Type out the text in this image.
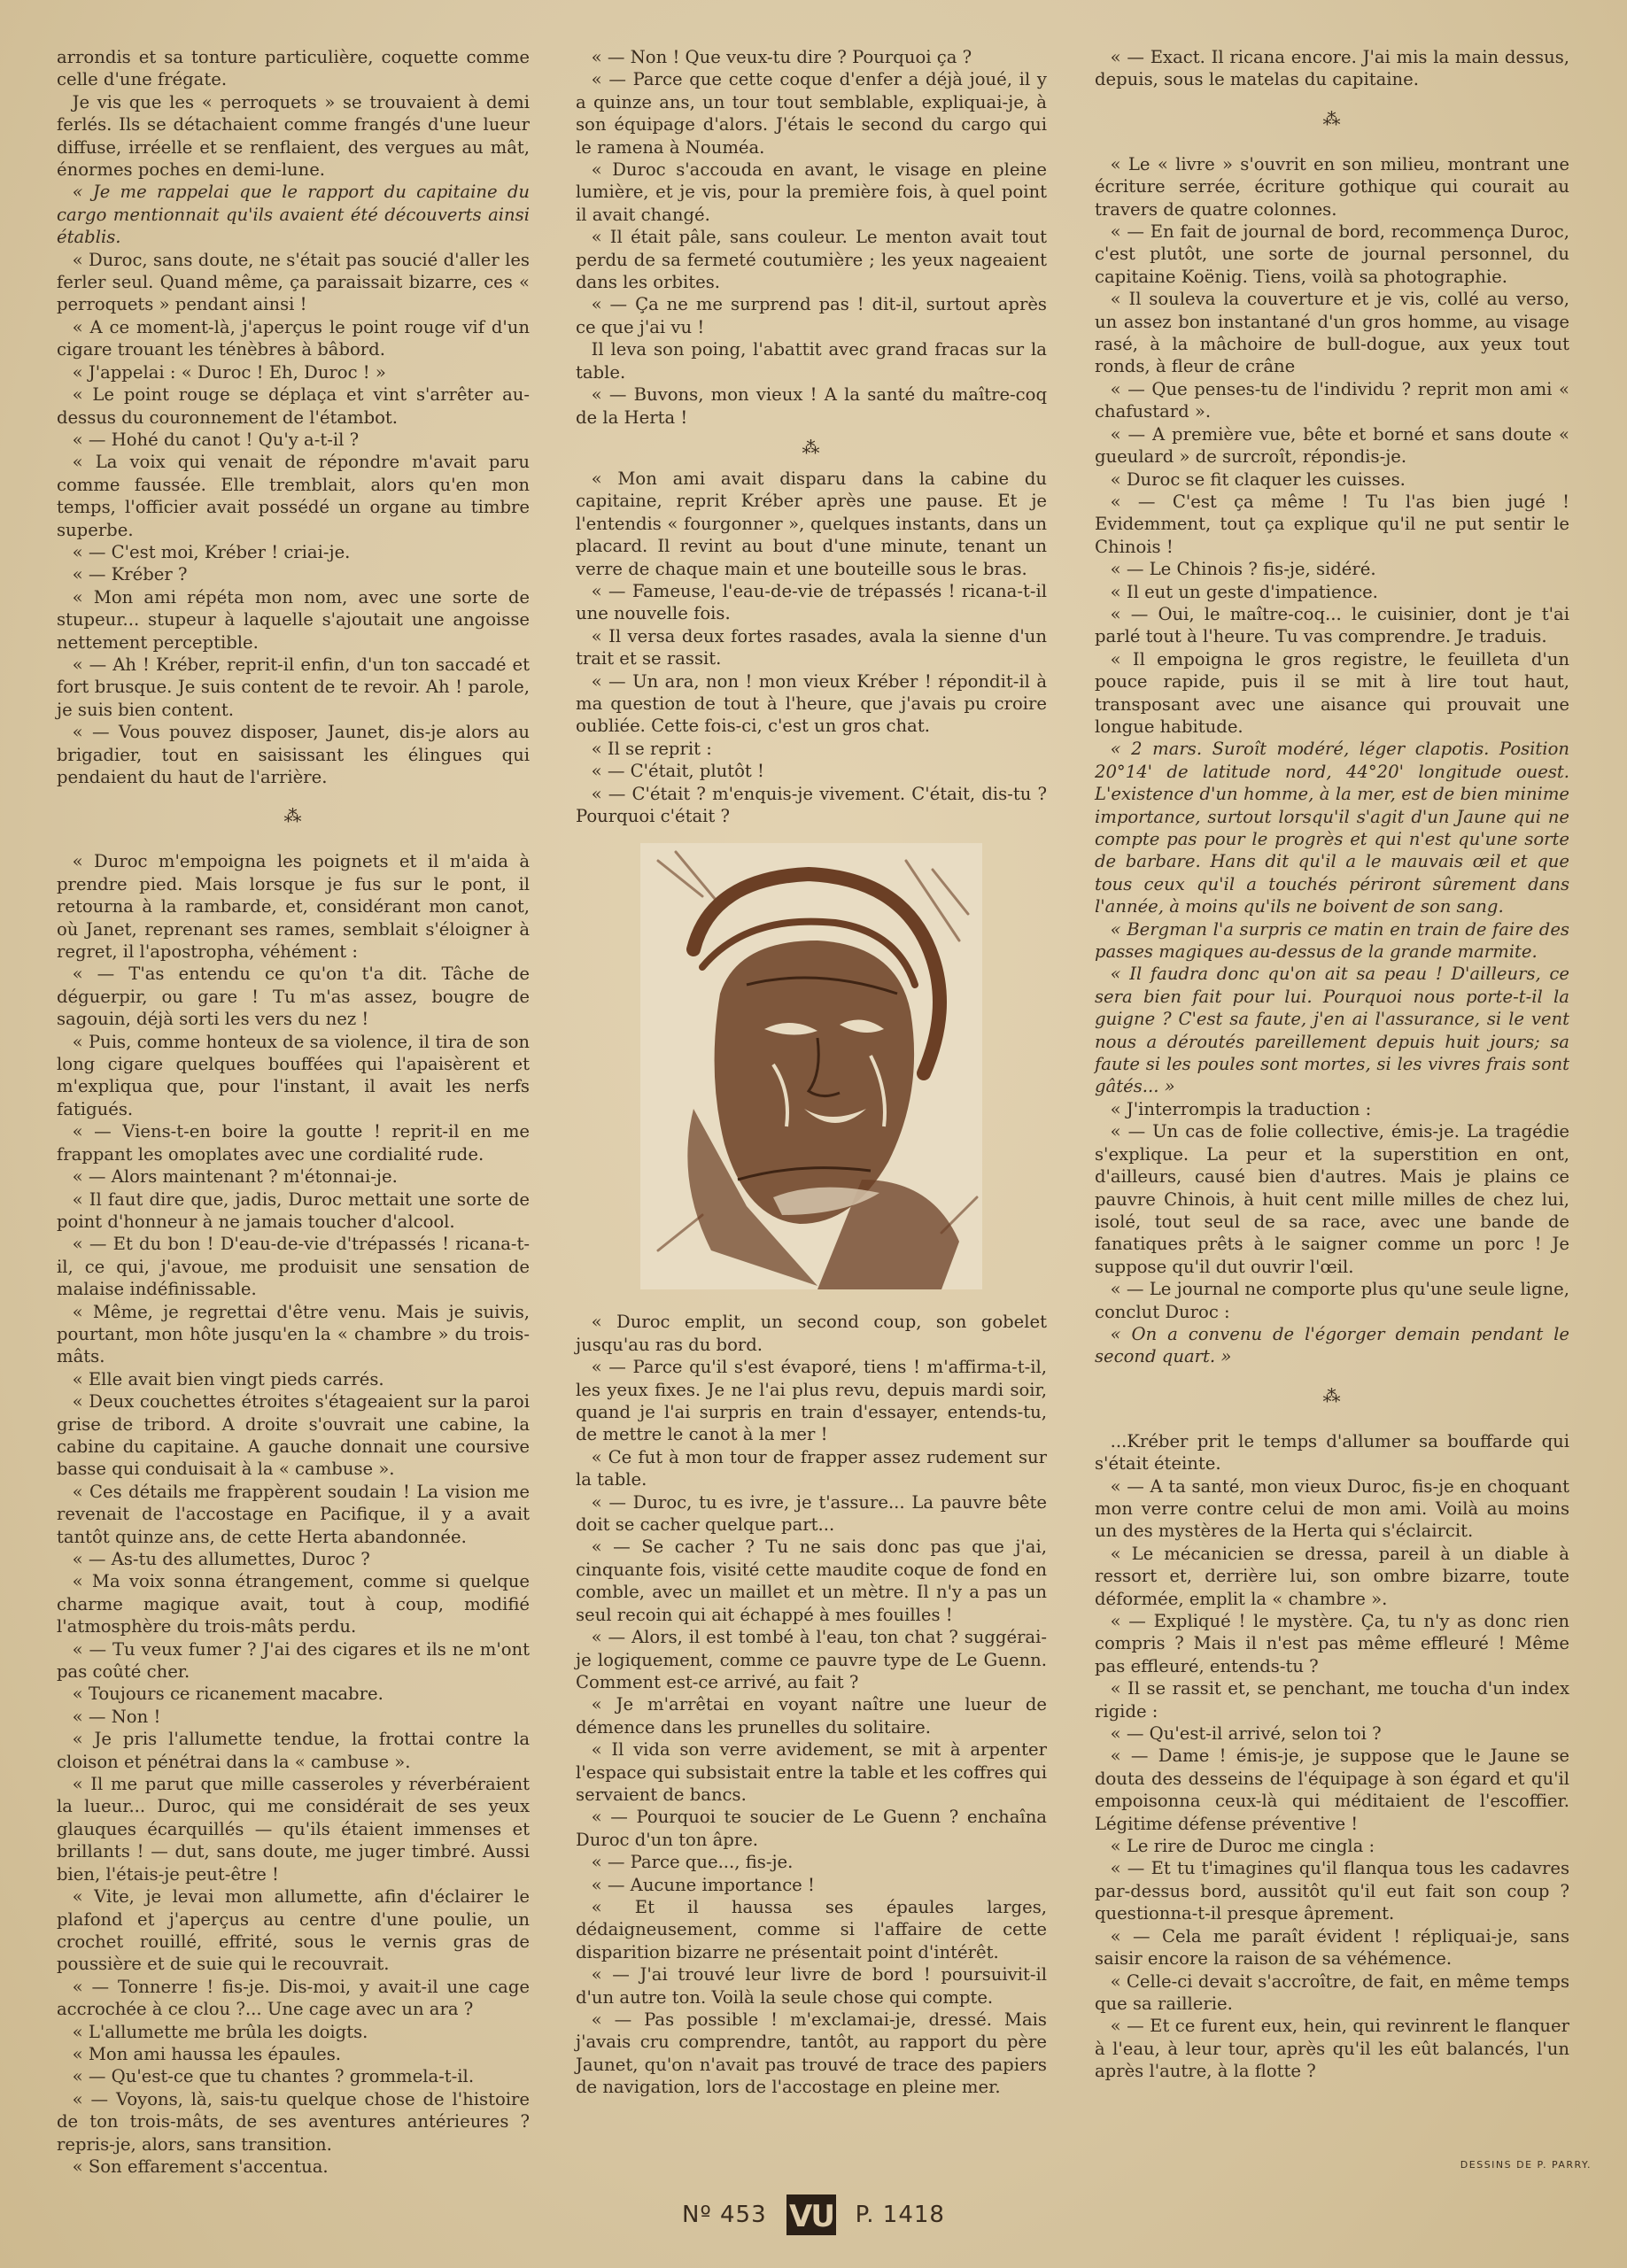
arrondis et sa tonture particulière, coquette comme celle d'une frégate.

Je vis que les « perroquets » se trouvaient à demi ferlés. Ils se détachaient comme frangés d'une lueur diffuse, irréelle et se renflaient, des vergues au mât, énormes poches en demi-lune.

« Je me rappelai que le rapport du capitaine du cargo mentionnait qu'ils avaient été découverts ainsi établis.

« Duroc, sans doute, ne s'était pas soucié d'aller les ferler seul. Quand même, ça paraissait bizarre, ces « perroquets » pendant ainsi !

« A ce moment-là, j'aperçus le point rouge vif d'un cigare trouant les ténèbres à bâbord.

« J'appelai : « Duroc ! Eh, Duroc ! »

« Le point rouge se déplaça et vint s'arrêter au-dessus du couronnement de l'étambot.

« — Hohé du canot ! Qu'y a-t-il ?

« La voix qui venait de répondre m'avait paru comme faussée. Elle tremblait, alors qu'en mon temps, l'officier avait possédé un organe au timbre superbe.

« — C'est moi, Kréber ! criai-je.

« — Kréber ?

« Mon ami répéta mon nom, avec une sorte de stupeur... stupeur à laquelle s'ajoutait une angoisse nettement perceptible.

« — Ah ! Kréber, reprit-il enfin, d'un ton saccadé et fort brusque. Je suis content de te revoir. Ah ! parole, je suis bien content.

« — Vous pouvez disposer, Jaunet, dis-je alors au brigadier, tout en saisissant les élingues qui pendaient du haut de l'arrière.

⁂

« Duroc m'empoigna les poignets et il m'aida à prendre pied. Mais lorsque je fus sur le pont, il retourna à la rambarde, et, considérant mon canot, où Janet, reprenant ses rames, semblait s'éloigner à regret, il l'apostropha, véhément :

« — T'as entendu ce qu'on t'a dit. Tâche de déguerpir, ou gare ! Tu m'as assez, bougre de sagouin, déjà sorti les vers du nez !

« Puis, comme honteux de sa violence, il tira de son long cigare quelques bouffées qui l'apaisèrent et m'expliqua que, pour l'instant, il avait les nerfs fatigués.

« — Viens-t-en boire la goutte ! reprit-il en me frappant les omoplates avec une cordialité rude.

« — Alors maintenant ? m'étonnai-je.

« Il faut dire que, jadis, Duroc mettait une sorte de point d'honneur à ne jamais toucher d'alcool.

« — Et du bon ! D'eau-de-vie d'trépassés ! ricana-t-il, ce qui, j'avoue, me produisit une sensation de malaise indéfinissable.

« Même, je regrettai d'être venu. Mais je suivis, pourtant, mon hôte jusqu'en la « chambre » du trois-mâts.

« Elle avait bien vingt pieds carrés.

« Deux couchettes étroites s'étageaient sur la paroi grise de tribord. A droite s'ouvrait une cabine, la cabine du capitaine. A gauche donnait une coursive basse qui conduisait à la « cambuse ».

« Ces détails me frappèrent soudain ! La vision me revenait de l'accostage en Pacifique, il y a avait tantôt quinze ans, de cette Herta abandonnée.

« — As-tu des allumettes, Duroc ?

« Ma voix sonna étrangement, comme si quelque charme magique avait, tout à coup, modifié l'atmosphère du trois-mâts perdu.

« — Tu veux fumer ? J'ai des cigares et ils ne m'ont pas coûté cher.

« Toujours ce ricanement macabre.

« — Non !

« Je pris l'allumette tendue, la frottai contre la cloison et pénétrai dans la « cambuse ».

« Il me parut que mille casseroles y réverbéraient la lueur... Duroc, qui me considérait de ses yeux glauques écarquillés — qu'ils étaient immenses et brillants ! — dut, sans doute, me juger timbré. Aussi bien, l'étais-je peut-être !

« Vite, je levai mon allumette, afin d'éclairer le plafond et j'aperçus au centre d'une poulie, un crochet rouillé, effrité, sous le vernis gras de poussière et de suie qui le recouvrait.

« — Tonnerre ! fis-je. Dis-moi, y avait-il une cage accrochée à ce clou ?... Une cage avec un ara ?

« L'allumette me brûla les doigts.

« Mon ami haussa les épaules.

« — Qu'est-ce que tu chantes ? grommela-t-il.

« — Voyons, là, sais-tu quelque chose de l'histoire de ton trois-mâts, de ses aventures antérieures ? repris-je, alors, sans transition.

« Son effarement s'accentua.

« — Non ! Que veux-tu dire ? Pourquoi ça ?

« — Parce que cette coque d'enfer a déjà joué, il y a quinze ans, un tour tout semblable, expliquai-je, à son équipage d'alors. J'étais le second du cargo qui le ramena à Nouméa.

« Duroc s'accouda en avant, le visage en pleine lumière, et je vis, pour la première fois, à quel point il avait changé.

« Il était pâle, sans couleur. Le menton avait tout perdu de sa fermeté coutumière ; les yeux nageaient dans les orbites.

« — Ça ne me surprend pas ! dit-il, surtout après ce que j'ai vu !

Il leva son poing, l'abattit avec grand fracas sur la table.

« — Buvons, mon vieux ! A la santé du maître-coq de la Herta !

⁂

« Mon ami avait disparu dans la cabine du capitaine, reprit Kréber après une pause. Et je l'entendis « fourgonner », quelques instants, dans un placard. Il revint au bout d'une minute, tenant un verre de chaque main et une bouteille sous le bras.

« — Fameuse, l'eau-de-vie de trépassés ! ricana-t-il une nouvelle fois.

« Il versa deux fortes rasades, avala la sienne d'un trait et se rassit.

« — Un ara, non ! mon vieux Kréber ! répondit-il à ma question de tout à l'heure, que j'avais pu croire oubliée. Cette fois-ci, c'est un gros chat.

« Il se reprit :

« — C'était, plutôt !

« — C'était ? m'enquis-je vivement. C'était, dis-tu ? Pourquoi c'était ?

« Duroc emplit, un second coup, son gobelet jusqu'au ras du bord.

« — Parce qu'il s'est évaporé, tiens ! m'affirma-t-il, les yeux fixes. Je ne l'ai plus revu, depuis mardi soir, quand je l'ai surpris en train d'essayer, entends-tu, de mettre le canot à la mer !

« Ce fut à mon tour de frapper assez rudement sur la table.

« — Duroc, tu es ivre, je t'assure... La pauvre bête doit se cacher quelque part...

« — Se cacher ? Tu ne sais donc pas que j'ai, cinquante fois, visité cette maudite coque de fond en comble, avec un maillet et un mètre. Il n'y a pas un seul recoin qui ait échappé à mes fouilles !

« — Alors, il est tombé à l'eau, ton chat ? suggérai-je logiquement, comme ce pauvre type de Le Guenn. Comment est-ce arrivé, au fait ?

« Je m'arrêtai en voyant naître une lueur de démence dans les prunelles du solitaire.

« Il vida son verre avidement, se mit à arpenter l'espace qui subsistait entre la table et les coffres qui servaient de bancs.

« — Pourquoi te soucier de Le Guenn ? enchaîna Duroc d'un ton âpre.

« — Parce que..., fis-je.

« — Aucune importance !

« Et il haussa ses épaules larges, dédaigneusement, comme si l'affaire de cette disparition bizarre ne présentait point d'intérêt.

« — J'ai trouvé leur livre de bord ! poursuivit-il d'un autre ton. Voilà la seule chose qui compte.

« — Pas possible ! m'exclamai-je, dressé. Mais j'avais cru comprendre, tantôt, au rapport du père Jaunet, qu'on n'avait pas trouvé de trace des papiers de navigation, lors de l'accostage en pleine mer.

« — Exact. Il ricana encore. J'ai mis la main dessus, depuis, sous le matelas du capitaine.

⁂

« Le « livre » s'ouvrit en son milieu, montrant une écriture serrée, écriture gothique qui courait au travers de quatre colonnes.

« — En fait de journal de bord, recommença Duroc, c'est plutôt, une sorte de journal personnel, du capitaine Koënig. Tiens, voilà sa photographie.

« Il souleva la couverture et je vis, collé au verso, un assez bon instantané d'un gros homme, au visage rasé, à la mâchoire de bull-dogue, aux yeux tout ronds, à fleur de crâne

« — Que penses-tu de l'individu ? reprit mon ami « chafustard ».

« — A première vue, bête et borné et sans doute « gueulard » de surcroît, répondis-je.

« Duroc se fit claquer les cuisses.

« — C'est ça même ! Tu l'as bien jugé ! Evidemment, tout ça explique qu'il ne put sentir le Chinois !

« — Le Chinois ? fis-je, sidéré.

« Il eut un geste d'impatience.

« — Oui, le maître-coq... le cuisinier, dont je t'ai parlé tout à l'heure. Tu vas comprendre. Je traduis.

« Il empoigna le gros registre, le feuilleta d'un pouce rapide, puis il se mit à lire tout haut, transposant avec une aisance qui prouvait une longue habitude.

« 2 mars. Suroît modéré, léger clapotis. Position 20°14' de latitude nord, 44°20' longitude ouest. L'existence d'un homme, à la mer, est de bien minime importance, surtout lorsqu'il s'agit d'un Jaune qui ne compte pas pour le progrès et qui n'est qu'une sorte de barbare. Hans dit qu'il a le mauvais œil et que tous ceux qu'il a touchés périront sûrement dans l'année, à moins qu'ils ne boivent de son sang.

« Bergman l'a surpris ce matin en train de faire des passes magiques au-dessus de la grande marmite.

« Il faudra donc qu'on ait sa peau ! D'ailleurs, ce sera bien fait pour lui. Pourquoi nous porte-t-il la guigne ? C'est sa faute, j'en ai l'assurance, si le vent nous a déroutés pareillement depuis huit jours; sa faute si les poules sont mortes, si les vivres frais sont gâtés... »

« J'interrompis la traduction :

« — Un cas de folie collective, émis-je. La tragédie s'explique. La peur et la superstition en ont, d'ailleurs, causé bien d'autres. Mais je plains ce pauvre Chinois, à huit cent mille milles de chez lui, isolé, tout seul de sa race, avec une bande de fanatiques prêts à le saigner comme un porc ! Je suppose qu'il dut ouvrir l'œil.

« — Le journal ne comporte plus qu'une seule ligne, conclut Duroc :

« On a convenu de l'égorger demain pendant le second quart. »

⁂

...Kréber prit le temps d'allumer sa bouffarde qui s'était éteinte.

« — A ta santé, mon vieux Duroc, fis-je en choquant mon verre contre celui de mon ami. Voilà au moins un des mystères de la Herta qui s'éclaircit.

« Le mécanicien se dressa, pareil à un diable à ressort et, derrière lui, son ombre bizarre, toute déformée, emplit la « chambre ».

« — Expliqué ! le mystère. Ça, tu n'y as donc rien compris ? Mais il n'est pas même effleuré ! Même pas effleuré, entends-tu ?

« Il se rassit et, se penchant, me toucha d'un index rigide :

« — Qu'est-il arrivé, selon toi ?

« — Dame ! émis-je, je suppose que le Jaune se douta des desseins de l'équipage à son égard et qu'il empoisonna ceux-là qui méditaient de l'escoffier. Légitime défense préventive !

« Le rire de Duroc me cingla :

« — Et tu t'imagines qu'il flanqua tous les cadavres par-dessus bord, aussitôt qu'il eut fait son coup ? questionna-t-il presque âprement.

« — Cela me paraît évident ! répliquai-je, sans saisir encore la raison de sa véhémence.

« Celle-ci devait s'accroître, de fait, en même temps que sa raillerie.

« — Et ce furent eux, hein, qui revinrent le flanquer à l'eau, à leur tour, après qu'il les eût balancés, l'un après l'autre, à la flotte ?

DESSINS DE P. PARRY.
Nº 453 VU P. 1418
